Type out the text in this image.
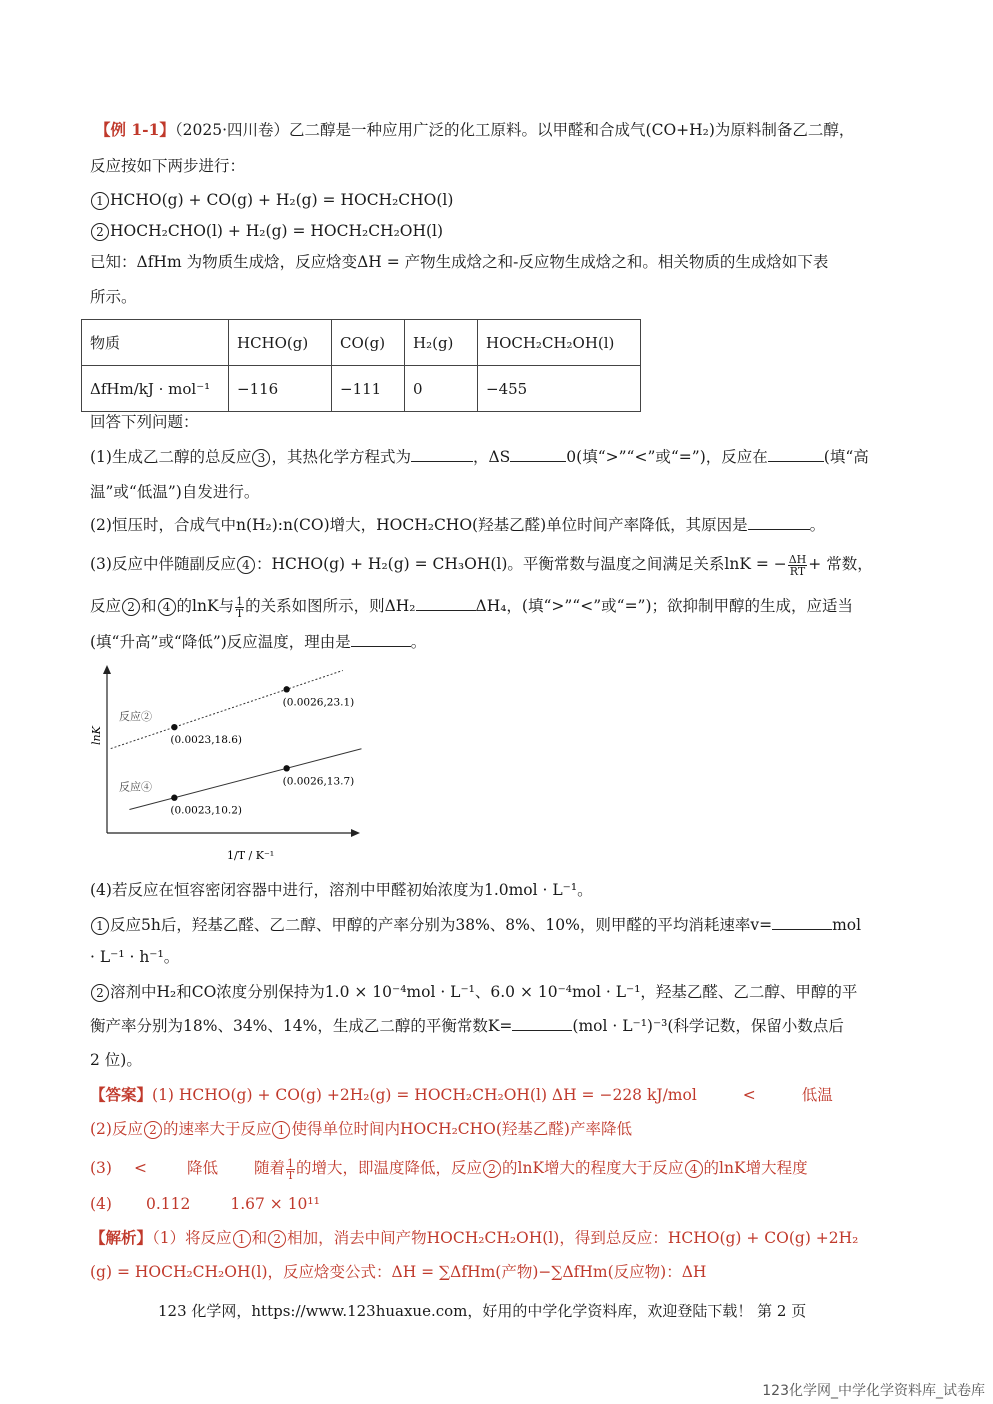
【例 1-1】（2025·四川卷）乙二醇是一种应用广泛的化工原料。以甲醛和合成气(CO+H₂)为原料制备乙二醇，
反应按如下两步进行：
1 HCHO(g) + CO(g) + H₂(g) = HOCH₂CHO(l)
2 HOCH₂CHO(l) + H₂(g) = HOCH₂CH₂OH(l)
已知：ΔfHm 为物质生成焓，反应焓变ΔH = 产物生成焓之和-反应物生成焓之和。相关物质的生成焓如下表
所示。
物质	HCHO(g)	CO(g)	H₂(g)	HOCH₂CH₂OH(l)
ΔfHm/kJ · mol⁻¹	−116	−111	0	−455
回答下列问题：
(1)生成乙二醇的总反应 3 ，其热化学方程式为	，ΔS	0(填“>”“<”或“=”)，反应在	(填“高
温”或“低温”)自发进行。
(2)恒压时，合成气中n(H₂):n(CO)增大，HOCH₂CHO(羟基乙醛)单位时间产率降低，其原因是	。
(3)反应中伴随副反应 4 ：HCHO(g) + H₂(g) = CH₃OH(l)。平衡常数与温度之间满足关系lnK = − $\frac{\Delta H}{RT}$ + 常数，
反应 2 和 4 的lnK与 $\frac{1}{T}$ 的关系如图所示，则ΔH₂	ΔH₄，(填“>”“<”或“=”)；欲抑制甲醇的生成，应适当
(填“升高”或“降低”)反应温度，理由是	。
lnK
1/T / K⁻¹
(0.0023,18.6)
(0.0026,23.1)
反应②
(0.0023,10.2)
(0.0026,13.7)
反应④
(4)若反应在恒容密闭容器中进行，溶剂中甲醛初始浓度为1.0mol · L⁻¹。
1 反应5h后，羟基乙醛、乙二醇、甲醇的产率分别为38%、8%、10%，则甲醛的平均消耗速率v=	mol
· L⁻¹ · h⁻¹。
2 溶剂中H₂和CO浓度分别保持为1.0 × 10⁻⁴mol · L⁻¹、6.0 × 10⁻⁴mol · L⁻¹，羟基乙醛、乙二醇、甲醇的平
衡产率分别为18%、34%、14%，生成乙二醇的平衡常数K=	(mol · L⁻¹)⁻³(科学记数，保留小数点后
2 位)。
【答案】(1) HCHO(g) + CO(g) +2H₂(g) = HOCH₂CH₂OH(l) ΔH = −228 kJ/mol	<	低温
(2)反应 2 的速率大于反应 1 使得单位时间内HOCH₂CHO(羟基乙醛)产率降低
(3) <	降低 随着 $\frac{1}{T}$ 的增大，即温度降低，反应 2 的lnK增大的程度大于反应 4 的lnK增大程度
(4) 0.112	1.67 × 10¹¹
【解析】（1）将反应 1 和 2 相加，消去中间产物HOCH₂CH₂OH(l)，得到总反应：HCHO(g) + CO(g) +2H₂
(g) = HOCH₂CH₂OH(l)，反应焓变公式：ΔH = ∑ΔfHm(产物)−∑ΔfHm(反应物)：ΔH
123 化学网，https://www.123huaxue.com，好用的中学化学资料库，欢迎登陆下载！ 第 2 页
123化学网_中学化学资料库_试卷库
